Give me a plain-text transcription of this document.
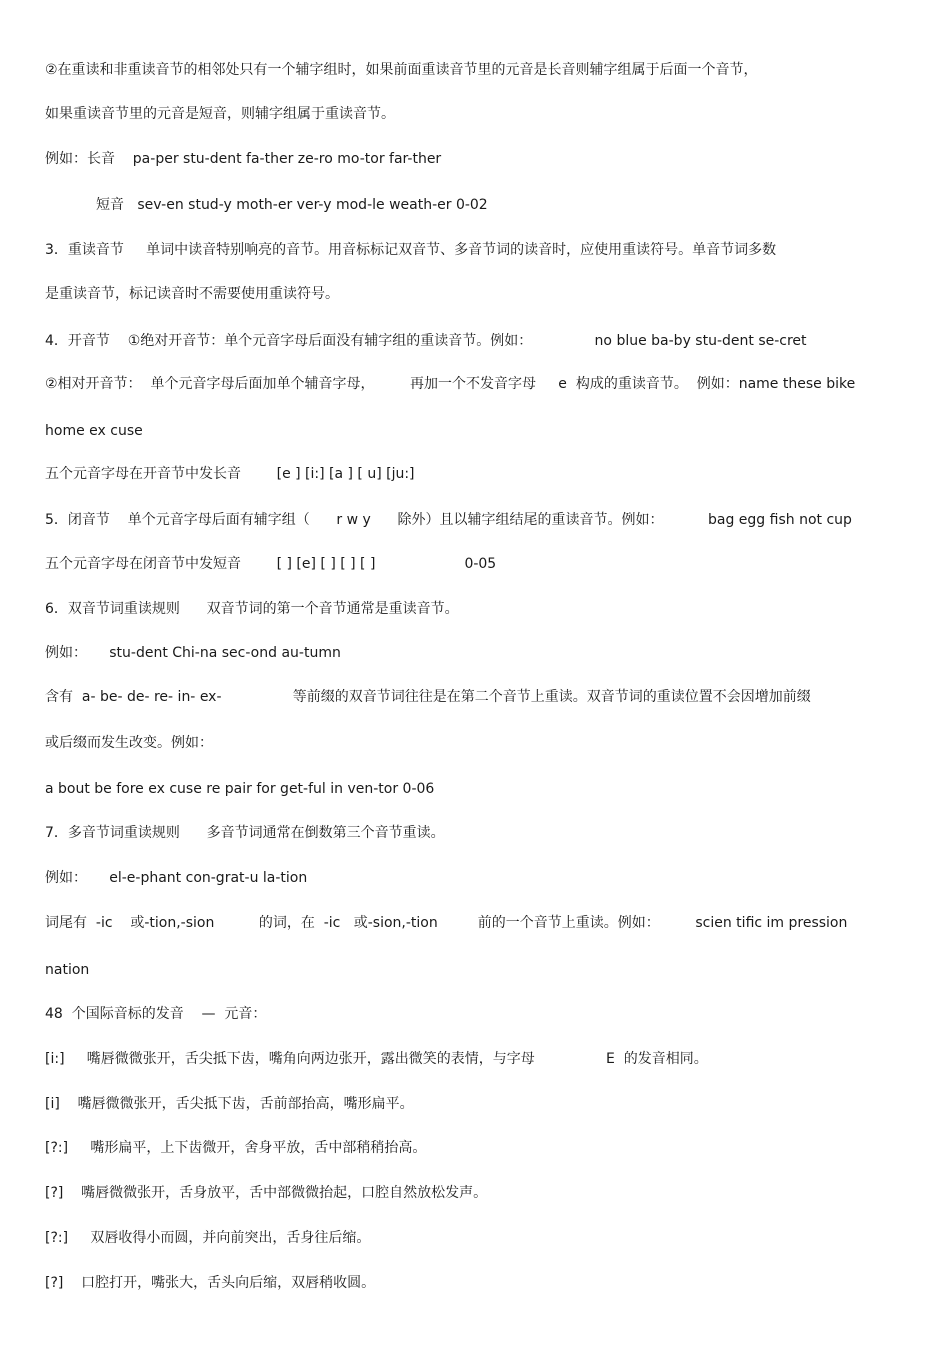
②在重读和非重读音节的相邻处只有一个辅字组时，如果前面重读音节里的元音是长音则辅字组属于后面一个音节，
如果重读音节里的元音是短音，则辅字组属于重读音节。
例如：长音    pa-per stu-dent fa-ther ze-ro mo-tor far-ther
短音   sev-en stud-y moth-er ver-y mod-le weath-er 0-02
3．重读音节     单词中读音特别响亮的音节。用音标标记双音节、多音节词的读音时，应使用重读符号。单音节词多数
是重读音节，标记读音时不需要使用重读符号。
4．开音节    ①绝对开音节：单个元音字母后面没有辅字组的重读音节。例如：              no blue ba-by stu-dent se-cret
②相对开音节：  单个元音字母后面加单个辅音字母，        再加一个不发音字母     e  构成的重读音节。  例如：name these bike
home ex cuse
五个元音字母在开音节中发长音        [e ] [i:] [a ] [ u] [ju:]
5．闭音节    单个元音字母后面有辅字组（      r w y      除外）且以辅字组结尾的重读音节。例如：          bag egg fish not cup
五个元音字母在闭音节中发短音        [ ] [e] [ ] [ ] [ ]                    0-05
6．双音节词重读规则      双音节词的第一个音节通常是重读音节。
例如：     stu-dent Chi-na sec-ond au-tumn
含有  a- be- de- re- in- ex-                等前缀的双音节词往往是在第二个音节上重读。双音节词的重读位置不会因增加前缀
或后缀而发生改变。例如：
a bout be fore ex cuse re pair for get-ful in ven-tor 0-06
7．多音节词重读规则      多音节词通常在倒数第三个音节重读。
例如：     el-e-phant con-grat-u la-tion
词尾有  -ic    或-tion,-sion          的词，在  -ic   或-sion,-tion         前的一个音节上重读。例如：        scien tific im pression
nation
48  个国际音标的发音    —  元音：
[i:]     嘴唇微微张开，舌尖抵下齿，嘴角向两边张开，露出微笑的表情，与字母                E  的发音相同。
[i]    嘴唇微微张开，舌尖抵下齿，舌前部抬高，嘴形扁平。
[?:]     嘴形扁平，上下齿微开，舍身平放，舌中部稍稍抬高。
[?]    嘴唇微微张开，舌身放平，舌中部微微抬起，口腔自然放松发声。
[?:]     双唇收得小而圆，并向前突出，舌身往后缩。
[?]    口腔打开，嘴张大，舌头向后缩，双唇稍收圆。
